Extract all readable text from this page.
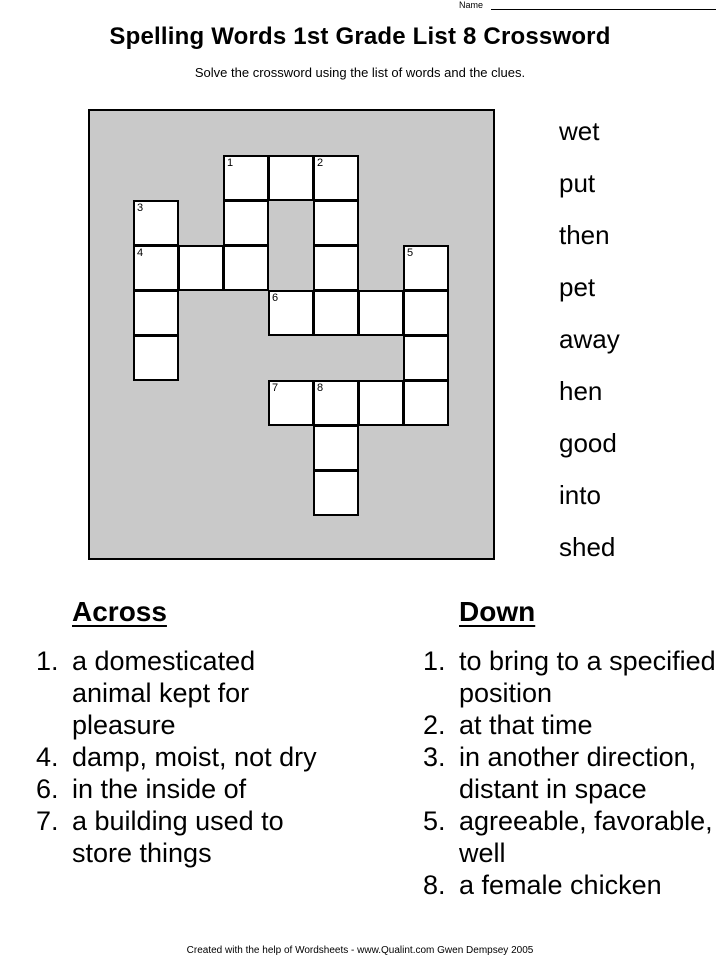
Name
Spelling Words 1st Grade List 8 Crossword
Solve the crossword using the list of words and the clues.
1	2
3
4	5
6
7	8
wet
put
then
pet
away
hen
good
into
shed
Across
1. a domesticated animal kept for pleasure
4. damp, moist, not dry
6. in the inside of
7. a building used to store things
Down
1. to bring to a specified position
2. at that time
3. in another direction, distant in space
5. agreeable, favorable, well
8. a female chicken
Created with the help of Wordsheets - www.Qualint.com Gwen Dempsey 2005
